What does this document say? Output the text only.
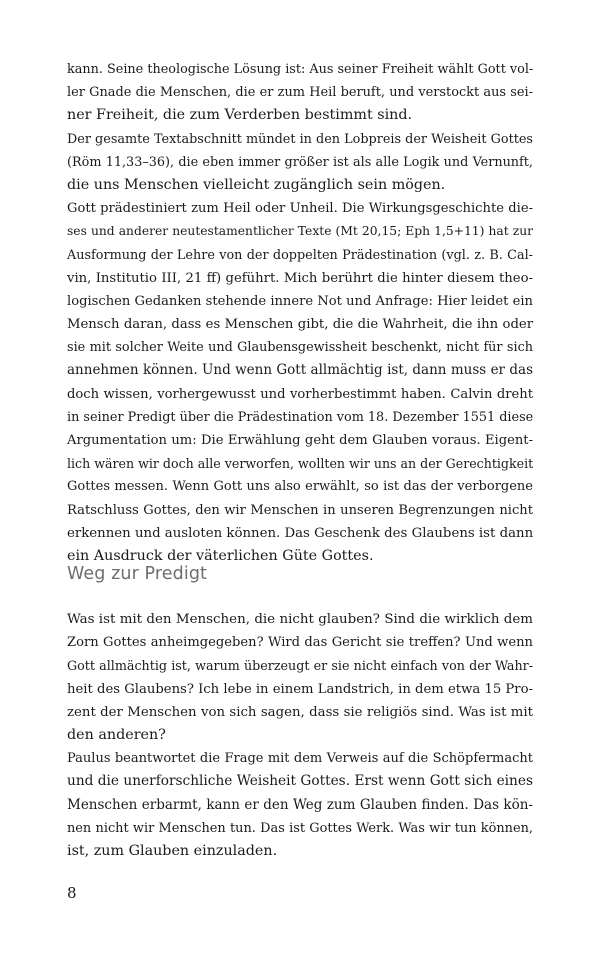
kann. Seine theologische Lösung ist: Aus seiner Freiheit wählt Gott vol-
ler Gnade die Menschen, die er zum Heil beruft, und verstockt aus sei-
ner Freiheit, die zum Verderben bestimmt sind.
Der gesamte Textabschnitt mündet in den Lobpreis der Weisheit Gottes
(Röm 11,33–36), die eben immer größer ist als alle Logik und Vernunft,
die uns Menschen vielleicht zugänglich sein mögen.
Gott prädestiniert zum Heil oder Unheil. Die Wirkungsgeschichte die-
ses und anderer neutestamentlicher Texte (Mt 20,15; Eph 1,5+11) hat zur
Ausformung der Lehre von der doppelten Prädestination (vgl. z. B. Cal-
vin, Institutio III, 21 ff) geführt. Mich berührt die hinter diesem theo-
logischen Gedanken stehende innere Not und Anfrage: Hier leidet ein
Mensch daran, dass es Menschen gibt, die die Wahrheit, die ihn oder
sie mit solcher Weite und Glaubensgewissheit beschenkt, nicht für sich
annehmen können. Und wenn Gott allmächtig ist, dann muss er das
doch wissen, vorhergewusst und vorherbestimmt haben. Calvin dreht
in seiner Predigt über die Prädestination vom 18. Dezember 1551 diese
Argumentation um: Die Erwählung geht dem Glauben voraus. Eigent-
lich wären wir doch alle verworfen, wollten wir uns an der Gerechtigkeit
Gottes messen. Wenn Gott uns also erwählt, so ist das der verborgene
Ratschluss Gottes, den wir Menschen in unseren Begrenzungen nicht
erkennen und ausloten können. Das Geschenk des Glaubens ist dann
ein Ausdruck der väterlichen Güte Gottes.
Weg zur Predigt
Was ist mit den Menschen, die nicht glauben? Sind die wirklich dem
Zorn Gottes anheimgegeben? Wird das Gericht sie treffen? Und wenn
Gott allmächtig ist, warum überzeugt er sie nicht einfach von der Wahr-
heit des Glaubens? Ich lebe in einem Landstrich, in dem etwa 15 Pro-
zent der Menschen von sich sagen, dass sie religiös sind. Was ist mit
den anderen?
Paulus beantwortet die Frage mit dem Verweis auf die Schöpfermacht
und die unerforschliche Weisheit Gottes. Erst wenn Gott sich eines
Menschen erbarmt, kann er den Weg zum Glauben finden. Das kön-
nen nicht wir Menschen tun. Das ist Gottes Werk. Was wir tun können,
ist, zum Glauben einzuladen.
8
